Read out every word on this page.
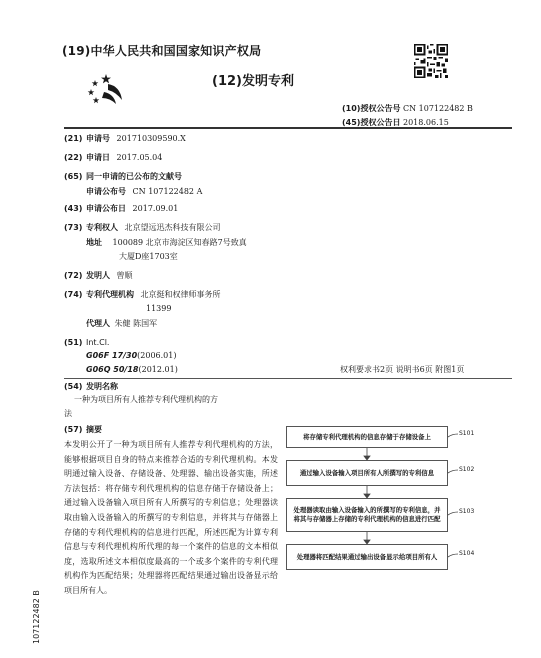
(19)中华人民共和国国家知识产权局
(12)发明专利
(10)授权公告号 CN 107122482 B
(45)授权公告日 2018.06.15
(21) 申请号 201710309590.X
(22) 申请日 2017.05.04
(65) 同一申请的已公布的文献号
申请公布号 CN 107122482 A
(43) 申请公布日 2017.09.01
(73) 专利权人 北京望远迅杰科技有限公司
地址 100089 北京市海淀区知春路7号致真
大厦D座1703室
(72) 发明人 曾顺
(74) 专利代理机构 北京挺和权律师事务所
11399
代理人 朱健 陈国军
(51) Int.Cl.
G06F 17/30(2006.01)
G06Q 50/18(2012.01)	权利要求书2页 说明书6页 附图1页
(54) 发明名称
一种为项目所有人推荐专利代理机构的方
法
(57) 摘要
本发明公开了一种为项目所有人推荐专利代理机构的方法，能够根据项目自身的特点来推荐合适的专利代理机构。本发明通过输入设备、存储设备、处理器、输出设备实施，所述方法包括：将存储专利代理机构的信息存储于存储设备上；通过输入设备输入项目所有人所撰写的专利信息；处理器读取由输入设备输入的所撰写的专利信息，并将其与存储器上存储的专利代理机构的信息进行匹配，所述匹配为计算专利信息与专利代理机构所代理的每一个案件的信息的文本相似度，选取所述文本相似度最高的一个或多个案件的专利代理机构作为匹配结果；处理器将匹配结果通过输出设备显示给项目所有人。
将存储专利代理机构的信息存储于存储设备上
通过输入设备输入项目所有人所撰写的专利信息
处理器读取由输入设备输入的所撰写的专利信息，并将其与存储器上存储的专利代理机构的信息进行匹配
处理器将匹配结果通过输出设备显示给项目所有人
S101
S102
S103
S104
107122482 B
